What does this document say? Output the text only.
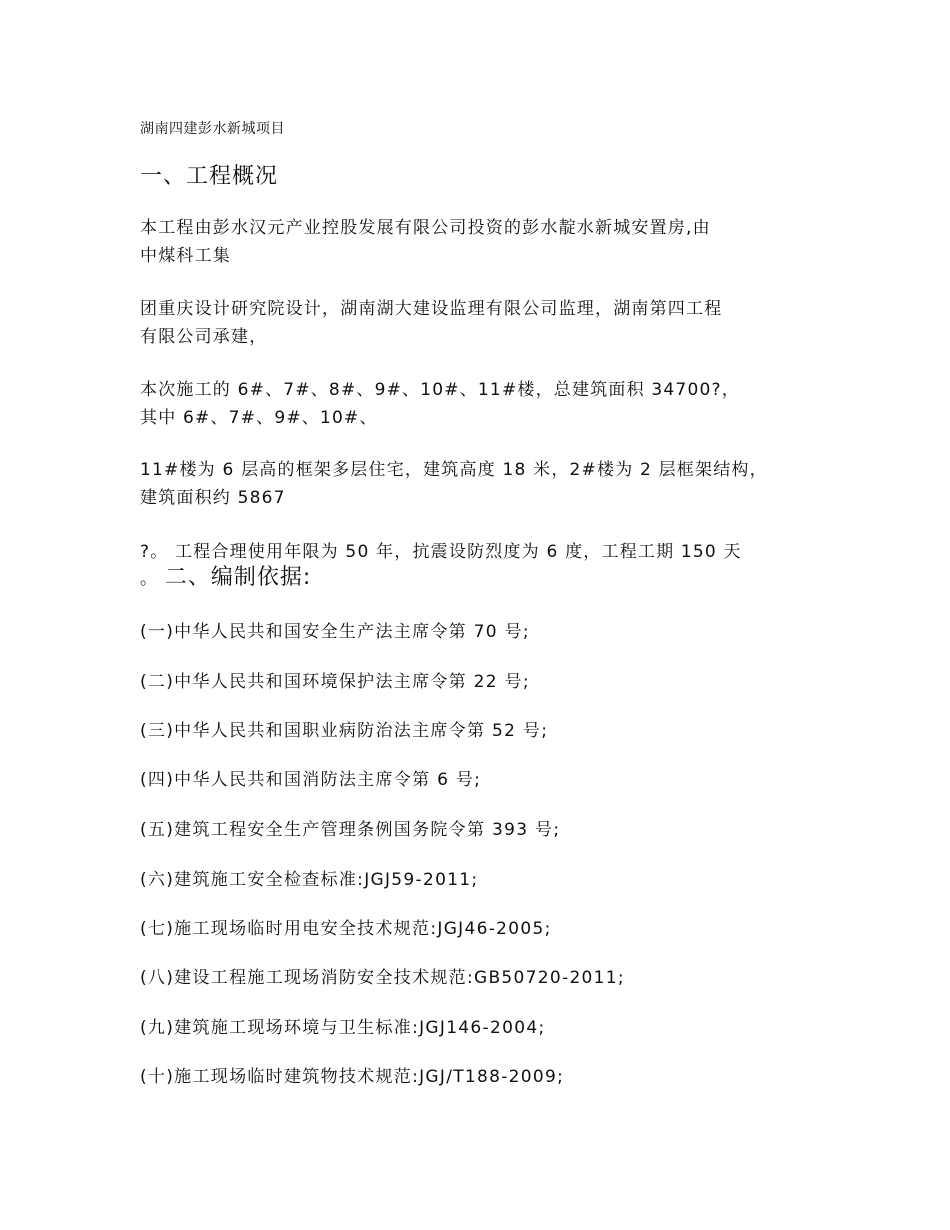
湖南四建彭水新城项目
一、工程概况
本工程由彭水汉元产业控股发展有限公司投资的彭水靛水新城安置房,由
中煤科工集
团重庆设计研究院设计，湖南湖大建设监理有限公司监理，湖南第四工程
有限公司承建，
本次施工的 6#、7#、8#、9#、10#、11#楼，总建筑面积 34700?，
其中 6#、7#、9#、10#、
11#楼为 6 层高的框架多层住宅，建筑高度 18 米，2#楼为 2 层框架结构，
建筑面积约 5867
?。 工程合理使用年限为 50 年，抗震设防烈度为 6 度，工程工期 150 天
。 二、编制依据:
(一)中华人民共和国安全生产法主席令第 70 号;
(二)中华人民共和国环境保护法主席令第 22 号;
(三)中华人民共和国职业病防治法主席令第 52 号;
(四)中华人民共和国消防法主席令第 6 号;
(五)建筑工程安全生产管理条例国务院令第 393 号;
(六)建筑施工安全检查标准:JGJ59-2011;
(七)施工现场临时用电安全技术规范:JGJ46-2005;
(八)建设工程施工现场消防安全技术规范:GB50720-2011;
(九)建筑施工现场环境与卫生标准:JGJ146-2004;
(十)施工现场临时建筑物技术规范:JGJ/T188-2009;
